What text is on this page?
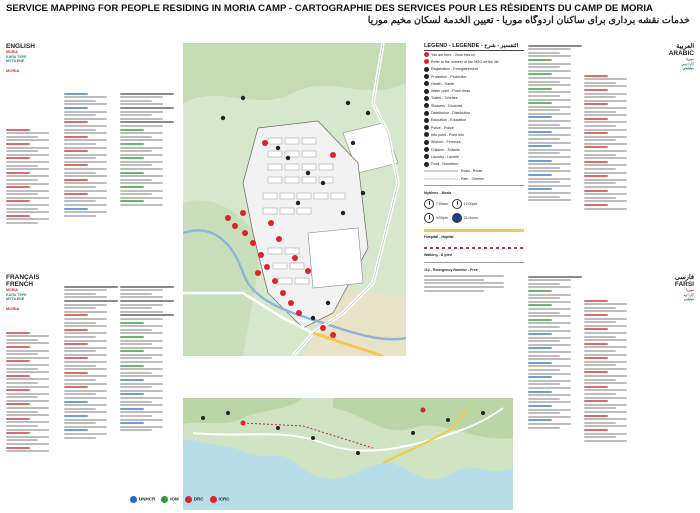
SERVICE MAPPING FOR PEOPLE RESIDING IN MORIA CAMP - CARTOGRAPHIE DES SERVICES POUR LES RÉSIDENTS DU CAMP DE MORIA
خدمات نقشه برداری برای ساکنان اردوگاه موریا - تعيين الخدمة لسكان مخيم موريا
ENGLISH
MORIA
KARA TEPE
MYTILENE
MORIA
FRANÇAIS
FRENCH
MORIA
KARA TEPE
MYTILENE
MORIA
العربية
ARABIC
موريا
كارا تيبي
ميتيليني
فارسی
FARSI
موریا
کارا تپه
میتیلین
LEGEND - LÉGENDE - التفسير - شرح
You are here - Vous êtes ici
Refer to the number of the NGO on the list
Registration - Enregistrement
Protection - Protection
Health - Santé
Water point - Point d'eau
Toilets - Toilettes
Showers - Douches
Distribution - Distribution
Education - Éducation
Police - Police
Info point - Point info
Women - Femmes
Children - Enfants
Laundry - Laverie
Food - Nourriture
Road - Route
Path - Chemin
Mytilene - Moria
7:00am	12:00pm
5:00pm	24 Hours
Hospital - Hôpital
Walking - À pied
112 - Emergency Number - Free
UNHCR	IOM	DRC	ICRC
